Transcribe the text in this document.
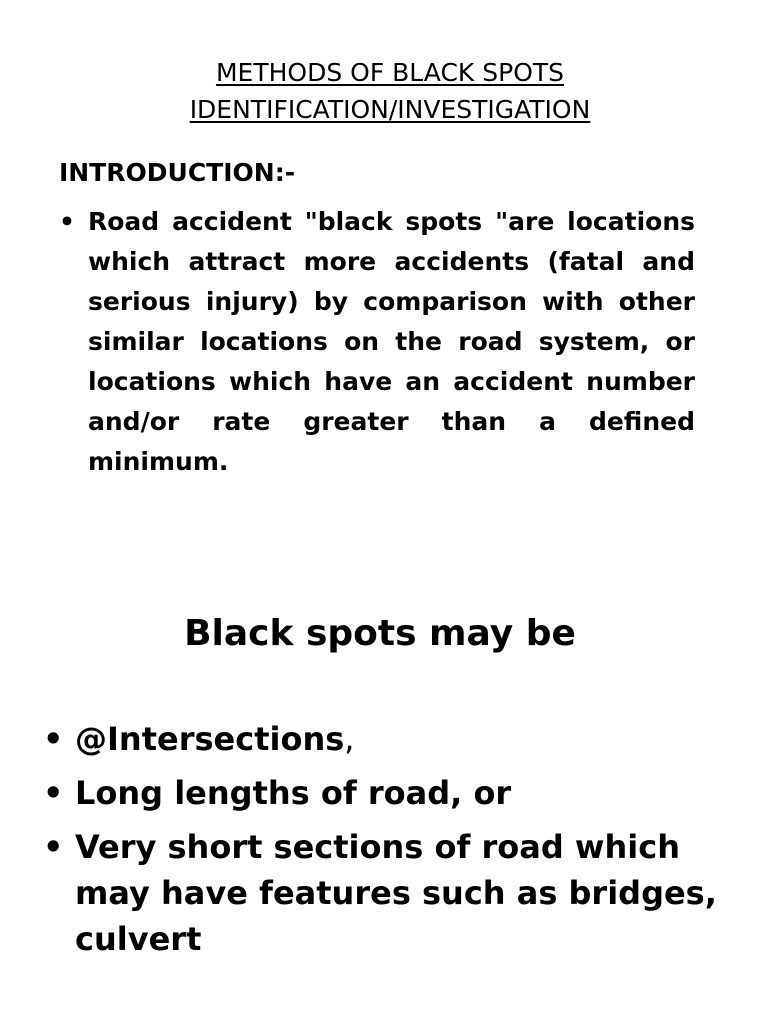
METHODS OF BLACK SPOTS
IDENTIFICATION/INVESTIGATION
INTRODUCTION:-
• Road accident "black spots "are locations which attract more accidents (fatal and serious injury) by comparison with other similar locations on the road system, or locations which have an accident number and/or rate greater than a defined minimum.
Black spots may be
• @Intersections,
• Long lengths of road, or
• Very short sections of road which may have features such as bridges, culvert
